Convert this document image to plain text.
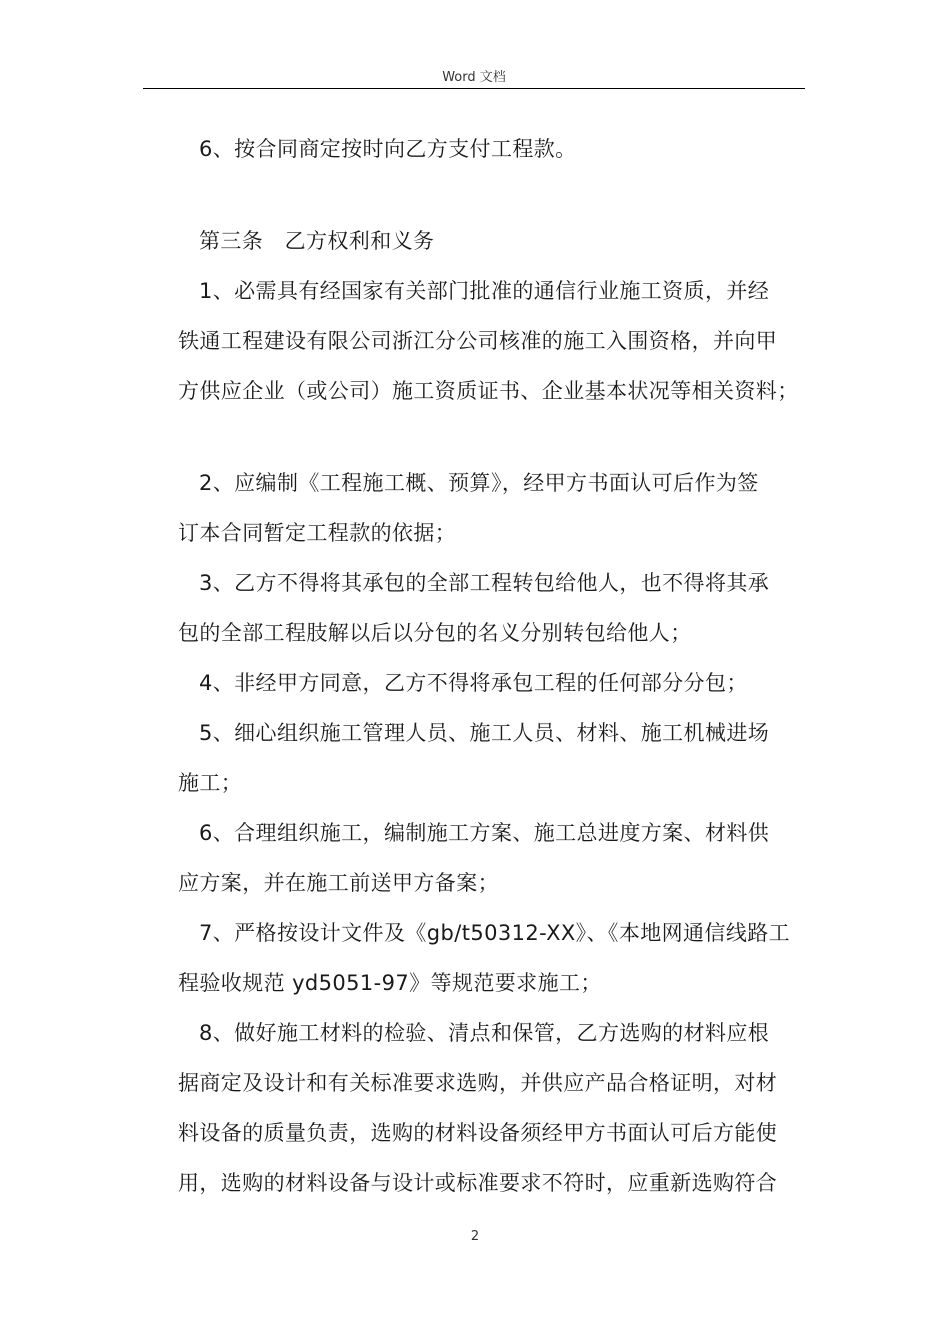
Word 文档

6、按合同商定按时向乙方支付工程款。

第三条　乙方权利和义务

1、必需具有经国家有关部门批准的通信行业施工资质，并经

铁通工程建设有限公司浙江分公司核准的施工入围资格，并向甲

方供应企业（或公司）施工资质证书、企业基本状况等相关资料；

2、应编制《工程施工概、预算》，经甲方书面认可后作为签

订本合同暂定工程款的依据；

3、乙方不得将其承包的全部工程转包给他人，也不得将其承

包的全部工程肢解以后以分包的名义分别转包给他人；

4、非经甲方同意，乙方不得将承包工程的任何部分分包；

5、细心组织施工管理人员、施工人员、材料、施工机械进场

施工；

6、合理组织施工，编制施工方案、施工总进度方案、材料供

应方案，并在施工前送甲方备案；

7、严格按设计文件及《gb/t50312-XX》、《本地网通信线路工

程验收规范 yd5051-97》等规范要求施工；

8、做好施工材料的检验、清点和保管，乙方选购的材料应根

据商定及设计和有关标准要求选购，并供应产品合格证明，对材

料设备的质量负责，选购的材料设备须经甲方书面认可后方能使

用，选购的材料设备与设计或标准要求不符时，应重新选购符合

2
